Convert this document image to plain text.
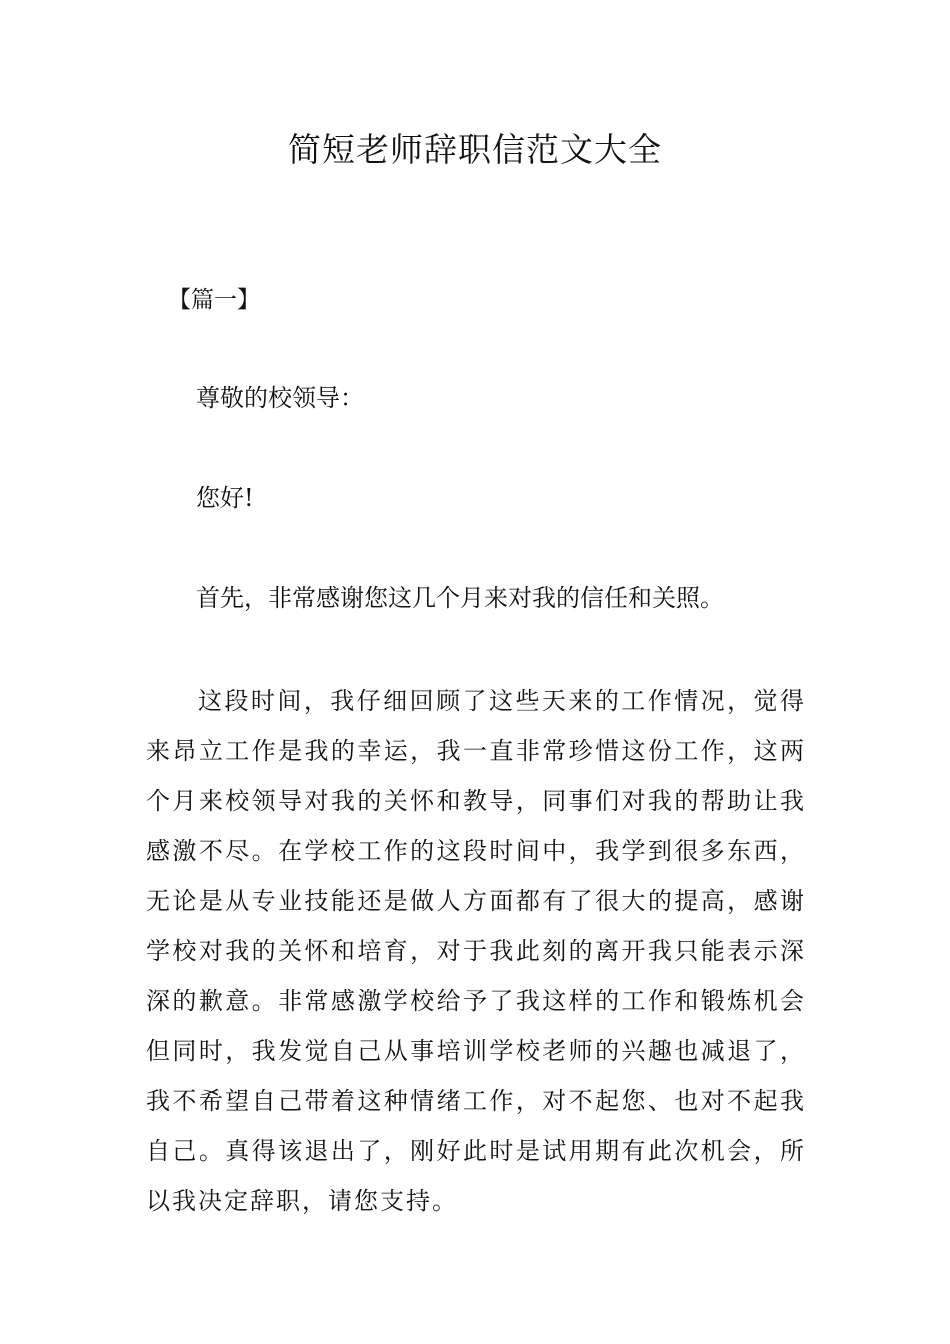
简短老师辞职信范文大全

【篇一】

尊敬的校领导：

您好!

首先，非常感谢您这几个月来对我的信任和关照。

这段时间，我仔细回顾了这些天来的工作情况，觉得来昂立工作是我的幸运，我一直非常珍惜这份工作，这两个月来校领导对我的关怀和教导，同事们对我的帮助让我感激不尽。在学校工作的这段时间中，我学到很多东西，无论是从专业技能还是做人方面都有了很大的提高，感谢学校对我的关怀和培育，对于我此刻的离开我只能表示深深的歉意。非常感激学校给予了我这样的工作和锻炼机会但同时，我发觉自己从事培训学校老师的兴趣也减退了，我不希望自己带着这种情绪工作，对不起您、也对不起我自己。真得该退出了，刚好此时是试用期有此次机会，所以我决定辞职，请您支持。
